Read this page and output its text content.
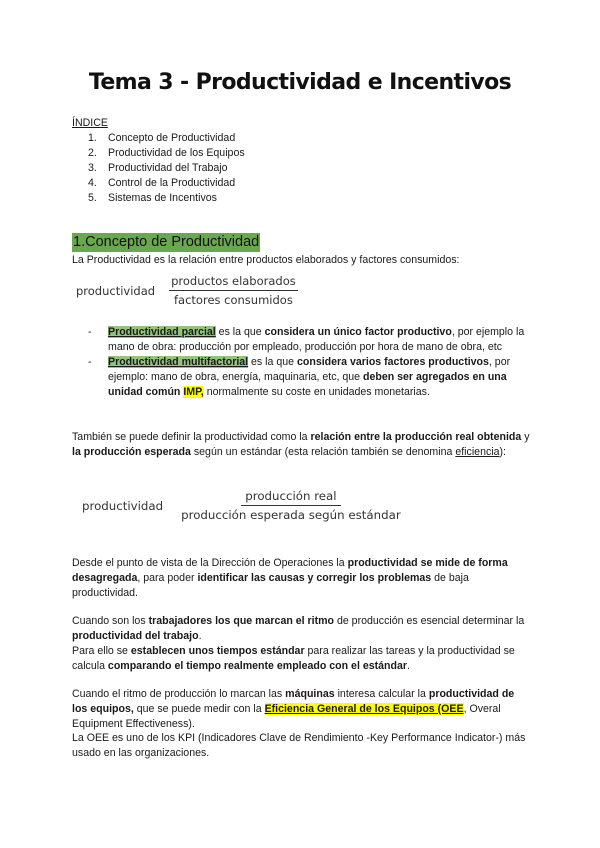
Tema 3 - Productividad e Incentivos
ÍNDICE
1. Concepto de Productividad
2. Productividad de los Equipos
3. Productividad del Trabajo
4. Control de la Productividad
5. Sistemas de Incentivos
1.Concepto de Productividad
La Productividad es la relación entre productos elaborados y factores consumidos:
productividad $\frac{\text{productos elaborados}}{\text{factores consumidos}}$
- Productividad parcial es la que considera un único factor productivo, por ejemplo la mano de obra: producción por empleado, producción por hora de mano de obra, etc
- Productividad multifactorial es la que considera varios factores productivos, por ejemplo: mano de obra, energía, maquinaria, etc, que deben ser agregados en una unidad común IMP, normalmente su coste en unidades monetarias.
También se puede definir la productividad como la relación entre la producción real obtenida y la producción esperada según un estándar (esta relación también se denomina eficiencia):
productividad $\frac{\text{producción real}}{\text{producción esperada según estándar}}$
Desde el punto de vista de la Dirección de Operaciones la productividad se mide de forma desagregada, para poder identificar las causas y corregir los problemas de baja productividad.
Cuando son los trabajadores los que marcan el ritmo de producción es esencial determinar la productividad del trabajo.
Para ello se establecen unos tiempos estándar para realizar las tareas y la productividad se calcula comparando el tiempo realmente empleado con el estándar.
Cuando el ritmo de producción lo marcan las máquinas interesa calcular la productividad de los equipos, que se puede medir con la Eficiencia General de los Equipos (OEE, Overal Equipment Effectiveness).
La OEE es uno de los KPI (Indicadores Clave de Rendimiento -Key Performance Indicator-) más usado en las organizaciones.
